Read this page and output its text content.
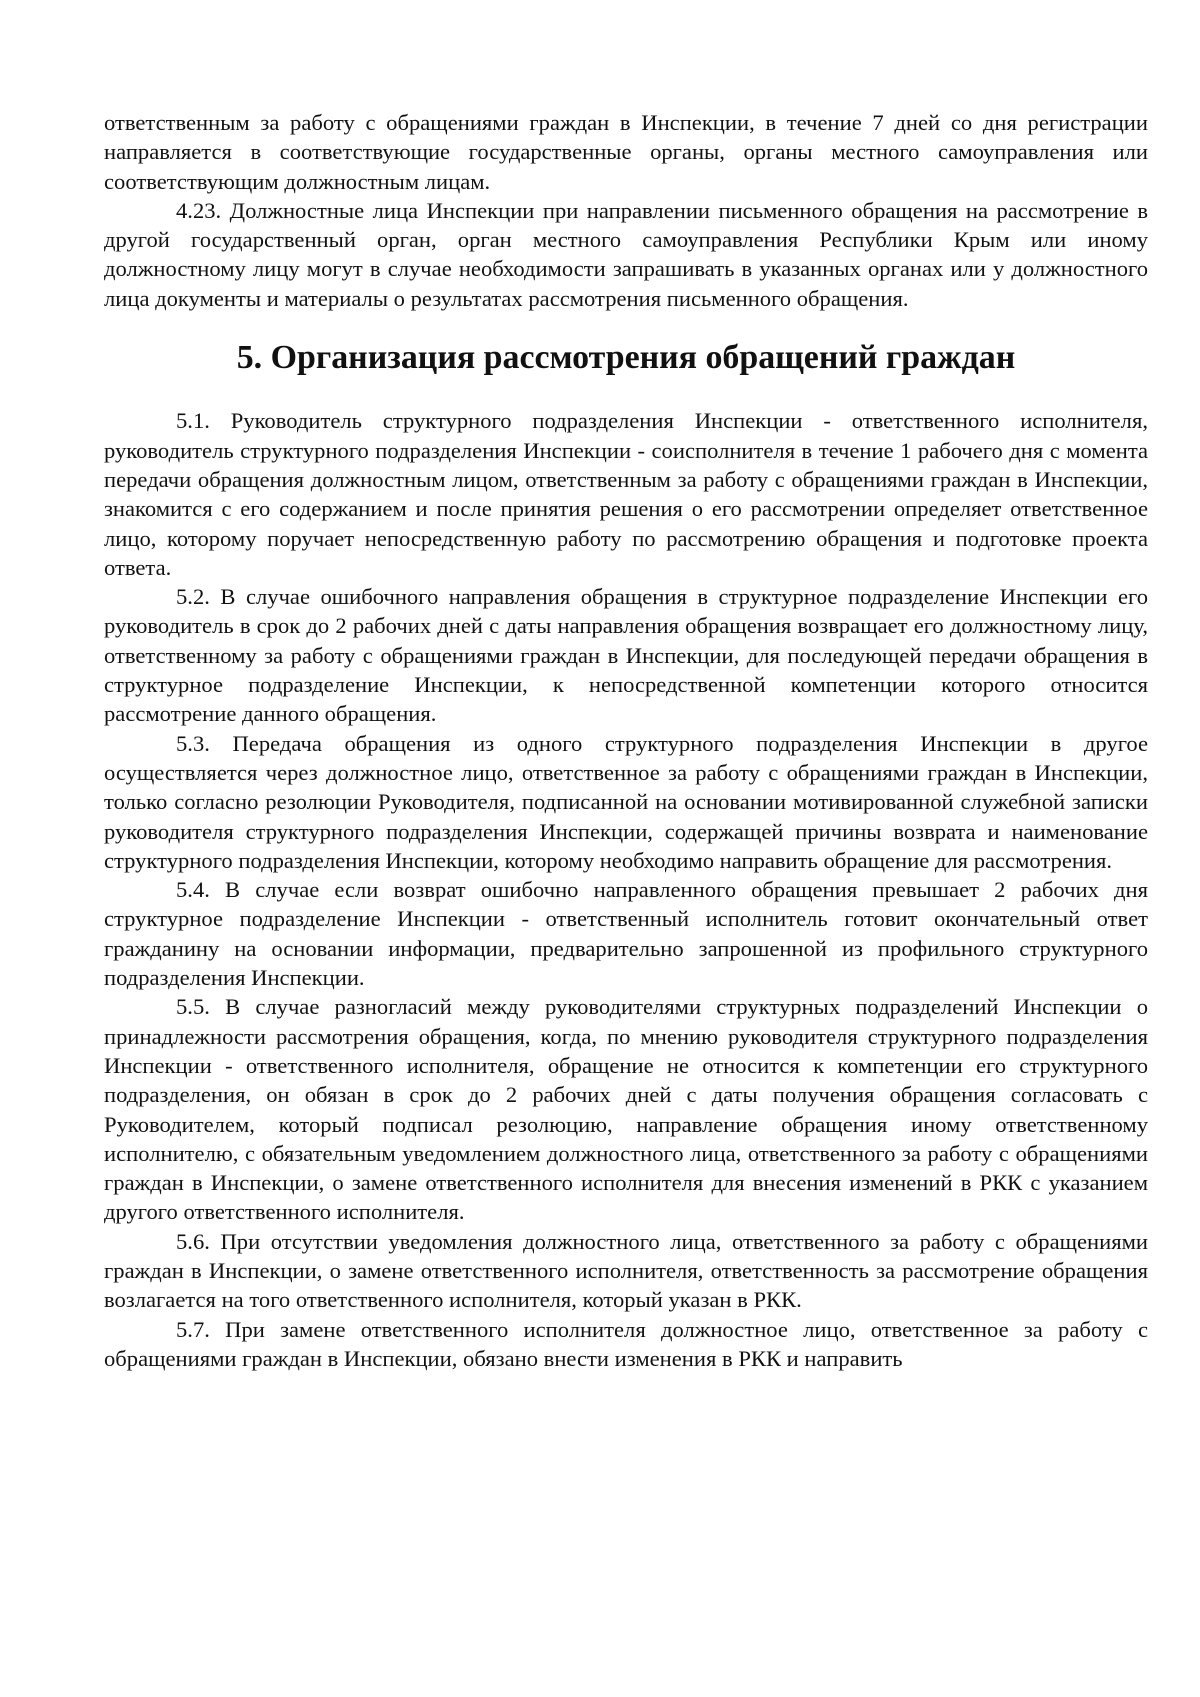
ответственным за работу с обращениями граждан в Инспекции, в течение 7 дней со дня регистрации направляется в соответствующие государственные органы, органы местного самоуправления или соответствующим должностным лицам.

4.23. Должностные лица Инспекции при направлении письменного обращения на рассмотрение в другой государственный орган, орган местного самоуправления Республики Крым или иному должностному лицу могут в случае необходимости запрашивать в указанных органах или у должностного лица документы и материалы о результатах рассмотрения письменного обращения.

5. Организация рассмотрения обращений граждан

5.1. Руководитель структурного подразделения Инспекции - ответственного исполнителя, руководитель структурного подразделения Инспекции - соисполнителя в течение 1 рабочего дня с момента передачи обращения должностным лицом, ответственным за работу с обращениями граждан в Инспекции, знакомится с его содержанием и после принятия решения о его рассмотрении определяет ответственное лицо, которому поручает непосредственную работу по рассмотрению обращения и подготовке проекта ответа.

5.2. В случае ошибочного направления обращения в структурное подразделение Инспекции его руководитель в срок до 2 рабочих дней с даты направления обращения возвращает его должностному лицу, ответственному за работу с обращениями граждан в Инспекции, для последующей передачи обращения в структурное подразделение Инспекции, к непосредственной компетенции которого относится рассмотрение данного обращения.

5.3. Передача обращения из одного структурного подразделения Инспекции в другое осуществляется через должностное лицо, ответственное за работу с обращениями граждан в Инспекции, только согласно резолюции Руководителя, подписанной на основании мотивированной служебной записки руководителя структурного подразделения Инспекции, содержащей причины возврата и наименование структурного подразделения Инспекции, которому необходимо направить обращение для рассмотрения.

5.4. В случае если возврат ошибочно направленного обращения превышает 2 рабочих дня структурное подразделение Инспекции - ответственный исполнитель готовит окончательный ответ гражданину на основании информации, предварительно запрошенной из профильного структурного подразделения Инспекции.

5.5. В случае разногласий между руководителями структурных подразделений Инспекции о принадлежности рассмотрения обращения, когда, по мнению руководителя структурного подразделения Инспекции - ответственного исполнителя, обращение не относится к компетенции его структурного подразделения, он обязан в срок до 2 рабочих дней с даты получения обращения согласовать с Руководителем, который подписал резолюцию, направление обращения иному ответственному исполнителю, с обязательным уведомлением должностного лица, ответственного за работу с обращениями граждан в Инспекции, о замене ответственного исполнителя для внесения изменений в РКК с указанием другого ответственного исполнителя.

5.6. При отсутствии уведомления должностного лица, ответственного за работу с обращениями граждан в Инспекции, о замене ответственного исполнителя, ответственность за рассмотрение обращения возлагается на того ответственного исполнителя, который указан в РКК.

5.7. При замене ответственного исполнителя должностное лицо, ответственное за работу с обращениями граждан в Инспекции, обязано внести изменения в РКК и направить
